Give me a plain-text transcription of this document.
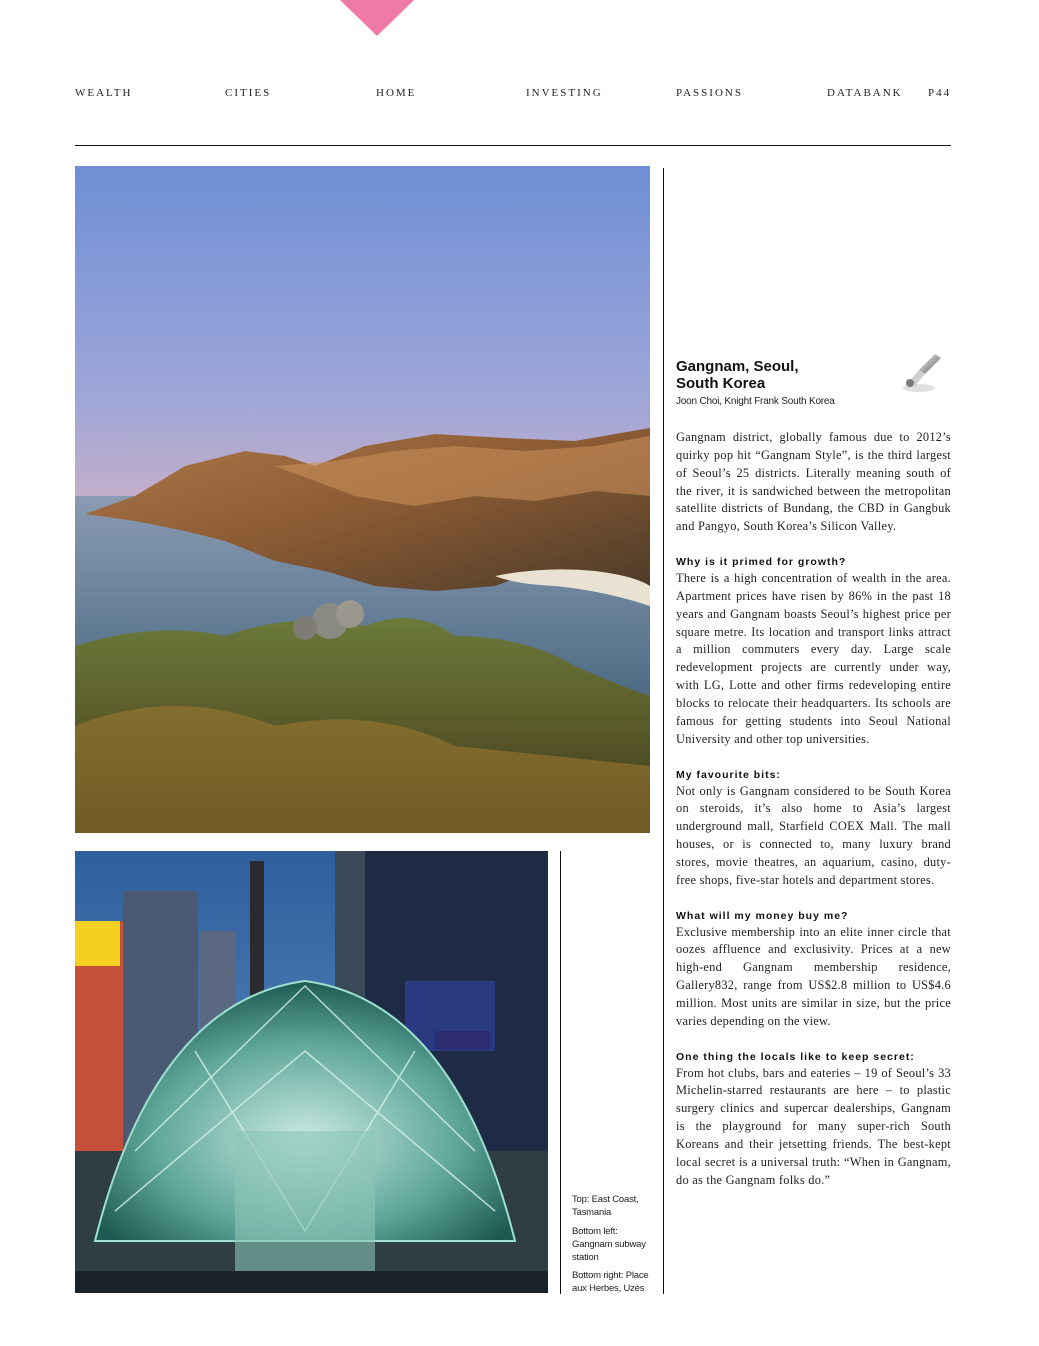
WEALTH	CITIES	HOME	INVESTING	PASSIONS	DATABANK P44
Top: East Coast, Tasmania
Bottom left: Gangnam subway station
Bottom right: Place aux Herbes, Uzès
Gangnam, Seoul,
South Korea
Joon Choi, Knight Frank South Korea

Gangnam district, globally famous due to 2012’s quirky pop hit “Gangnam Style”, is the third largest of Seoul’s 25 districts. Literally meaning south of the river, it is sandwiched between the metropolitan satellite districts of Bundang, the CBD in Gangbuk and Pangyo, South Korea’s Silicon Valley.

Why is it primed for growth?

There is a high concentration of wealth in the area. Apartment prices have risen by 86% in the past 18 years and Gangnam boasts Seoul’s highest price per square metre. Its location and transport links attract a million commuters every day. Large scale redevelopment projects are currently under way, with LG, Lotte and other firms redeveloping entire blocks to relocate their headquarters. Its schools are famous for getting students into Seoul National University and other top universities.

My favourite bits:

Not only is Gangnam considered to be South Korea on steroids, it’s also home to Asia’s largest underground mall, Starfield COEX Mall. The mall houses, or is connected to, many luxury brand stores, movie theatres, an aquarium, casino, duty-free shops, five-star hotels and department stores.

What will my money buy me?

Exclusive membership into an elite inner circle that oozes affluence and exclusivity. Prices at a new high-end Gangnam membership residence, Gallery832, range from US$2.8 million to US$4.6 million. Most units are similar in size, but the price varies depending on the view.

One thing the locals like to keep secret:

From hot clubs, bars and eateries – 19 of Seoul’s 33 Michelin-starred restaurants are here – to plastic surgery clinics and supercar dealerships, Gangnam is the playground for many super-rich South Koreans and their jetsetting friends. The best-kept local secret is a universal truth: “When in Gangnam, do as the Gangnam folks do.”
